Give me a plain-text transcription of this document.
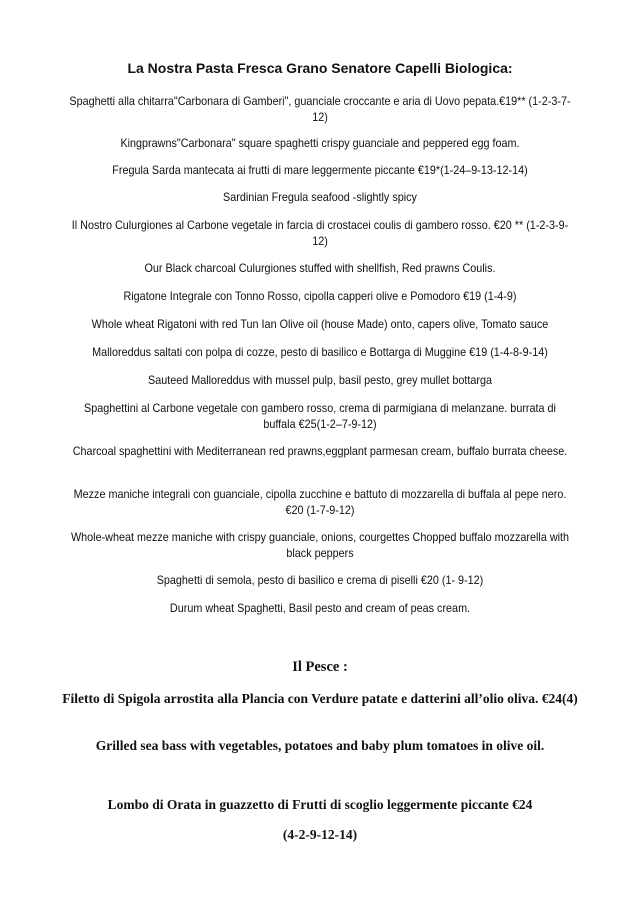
La Nostra Pasta Fresca Grano Senatore Capelli Biologica:
Spaghetti alla chitarra"Carbonara di Gamberi", guanciale croccante e aria di Uovo pepata.€19** (1-2-3-7-12)
Kingprawns"Carbonara" square spaghetti crispy guanciale and peppered egg foam.
Fregula Sarda mantecata ai frutti di mare leggermente piccante €19*(1-24–9-13-12-14)
Sardinian Fregula seafood -slightly spicy
Il Nostro Culurgiones al Carbone vegetale in farcia di crostacei coulis di gambero rosso. €20 ** (1-2-3-9-12)
Our Black charcoal Culurgiones stuffed with shellfish, Red prawns Coulis.
Rigatone Integrale con Tonno Rosso, cipolla capperi olive e Pomodoro €19 (1-4-9)
Whole wheat Rigatoni with red Tun Ian Olive oil (house Made) onto, capers olive, Tomato sauce
Malloreddus saltati con polpa di cozze, pesto di basilico e Bottarga di Muggine €19 (1-4-8-9-14)
Sauteed Malloreddus with mussel pulp, basil pesto, grey mullet bottarga
Spaghettini al Carbone vegetale con gambero rosso, crema di parmigiana di melanzane. burrata di buffala €25(1-2–7-9-12)
Charcoal spaghettini with Mediterranean red prawns,eggplant parmesan cream, buffalo burrata cheese.
Mezze maniche integrali con guanciale, cipolla zucchine e battuto di mozzarella di buffala al pepe nero.€20 (1-7-9-12)
Whole-wheat mezze maniche with crispy guanciale, onions, courgettes Chopped buffalo mozzarella with black peppers
Spaghetti di semola, pesto di basilico e crema di piselli €20 (1- 9-12)
Durum wheat Spaghetti, Basil pesto and cream of peas cream.
Il Pesce :
Filetto di Spigola arrostita alla Plancia con Verdure patate e datterini all’olio oliva. €24(4)
Grilled sea bass with vegetables, potatoes and baby plum tomatoes in olive oil.
Lombo di Orata in guazzetto di Frutti di scoglio leggermente piccante €24
(4-2-9-12-14)
